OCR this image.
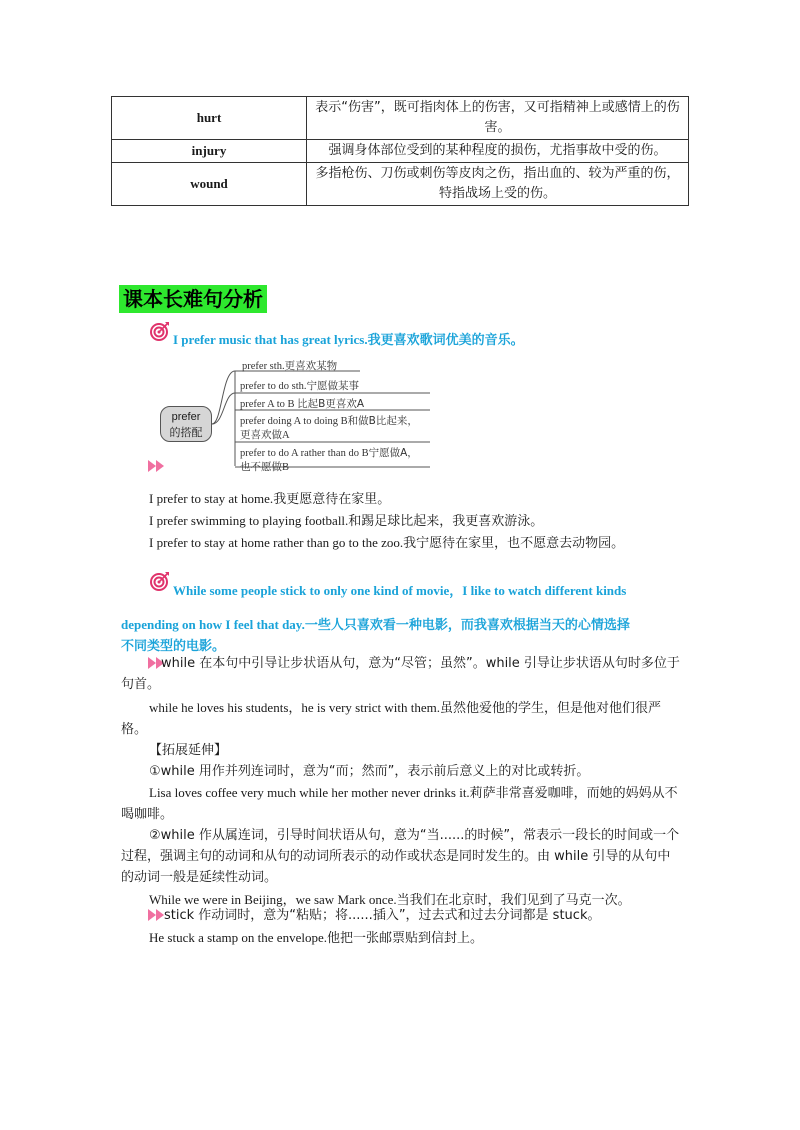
hurt	表示“伤害”，既可指肉体上的伤害，又可指精神上或感情上的伤害。
injury	强调身体部位受到的某种程度的损伤，尤指事故中受的伤。
wound	多指枪伤、刀伤或刺伤等皮肉之伤，指出血的、较为严重的伤，特指战场上受的伤。
课本长难句分析
I prefer music that has great lyrics.我更喜欢歌词优美的音乐。
prefer
的搭配
prefer sth.更喜欢某物
prefer to do sth.宁愿做某事
prefer A to B 比起B更喜欢A
prefer doing A to doing B和做B比起来，
更喜欢做A
prefer to do A rather than do B宁愿做A，
也不愿做B
I prefer to stay at home.我更愿意待在家里。
I prefer swimming to playing football.和踢足球比起来，我更喜欢游泳。
I prefer to stay at home rather than go to the zoo.我宁愿待在家里，也不愿意去动物园。
While some people stick to only one kind of movie，I like to watch different kinds
depending on how I feel that day.一些人只喜欢看一种电影，而我喜欢根据当天的心情选择
不同类型的电影。
while 在本句中引导让步状语从句，意为“尽管；虽然”。while 引导让步状语从句时多位于句首。
while he loves his students，he is very strict with them.虽然他爱他的学生，但是他对他们很严格。
【拓展延伸】
①while 用作并列连词时，意为“而；然而”，表示前后意义上的对比或转折。
Lisa loves coffee very much while her mother never drinks it.莉萨非常喜爱咖啡，而她的妈妈从不喝咖啡。
②while 作从属连词，引导时间状语从句，意为“当......的时候”，常表示一段长的时间或一个过程，强调主句的动词和从句的动词所表示的动作或状态是同时发生的。由 while 引导的从句中的动词一般是延续性动词。
While we were in Beijing，we saw Mark once.当我们在北京时，我们见到了马克一次。
stick 作动词时，意为“粘贴；将......插入”，过去式和过去分词都是 stuck。
He stuck a stamp on the envelope.他把一张邮票贴到信封上。
